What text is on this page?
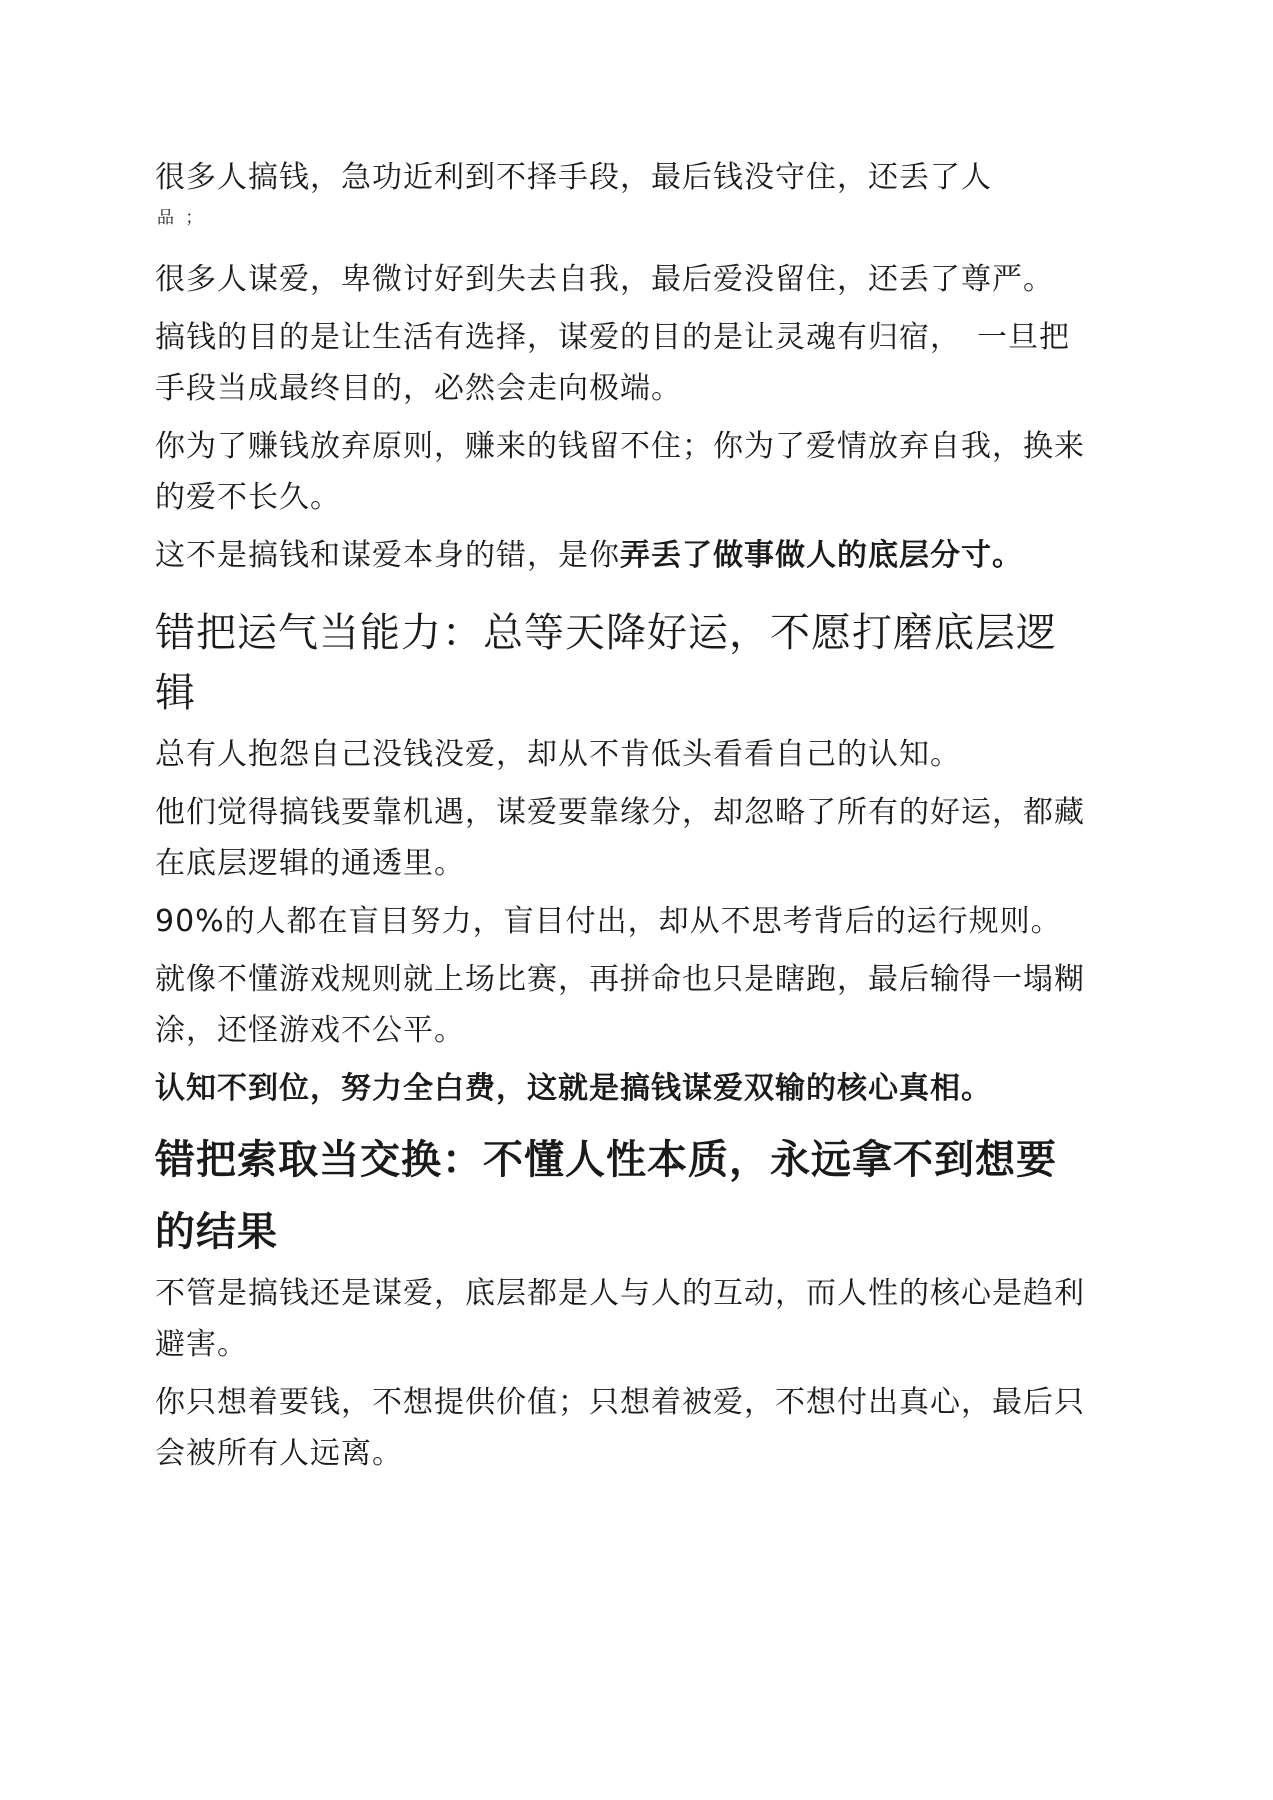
很多人搞钱，急功近利到不择手段，最后钱没守住，还丢了人

品 ；

很多人谋爱，卑微讨好到失去自我，最后爱没留住，还丢了尊严。

搞钱的目的是让生活有选择，谋爱的目的是让灵魂有归宿，　一旦把手段当成最终目的，必然会走向极端。

你为了赚钱放弃原则，赚来的钱留不住；你为了爱情放弃自我，换来的爱不长久。

这不是搞钱和谋爱本身的错，是你弄丢了做事做人的底层分寸。

错把运气当能力：总等天降好运，不愿打磨底层逻辑

总有人抱怨自己没钱没爱，却从不肯低头看看自己的认知。

他们觉得搞钱要靠机遇，谋爱要靠缘分，却忽略了所有的好运，都藏在底层逻辑的通透里。

90%的人都在盲目努力，盲目付出，却从不思考背后的运行规则。

就像不懂游戏规则就上场比赛，再拼命也只是瞎跑，最后输得一塌糊涂，还怪游戏不公平。

认知不到位，努力全白费，这就是搞钱谋爱双输的核心真相。

错把索取当交换：不懂人性本质，永远拿不到想要的结果

不管是搞钱还是谋爱，底层都是人与人的互动，而人性的核心是趋利避害。

你只想着要钱，不想提供价值；只想着被爱，不想付出真心，最后只会被所有人远离。
